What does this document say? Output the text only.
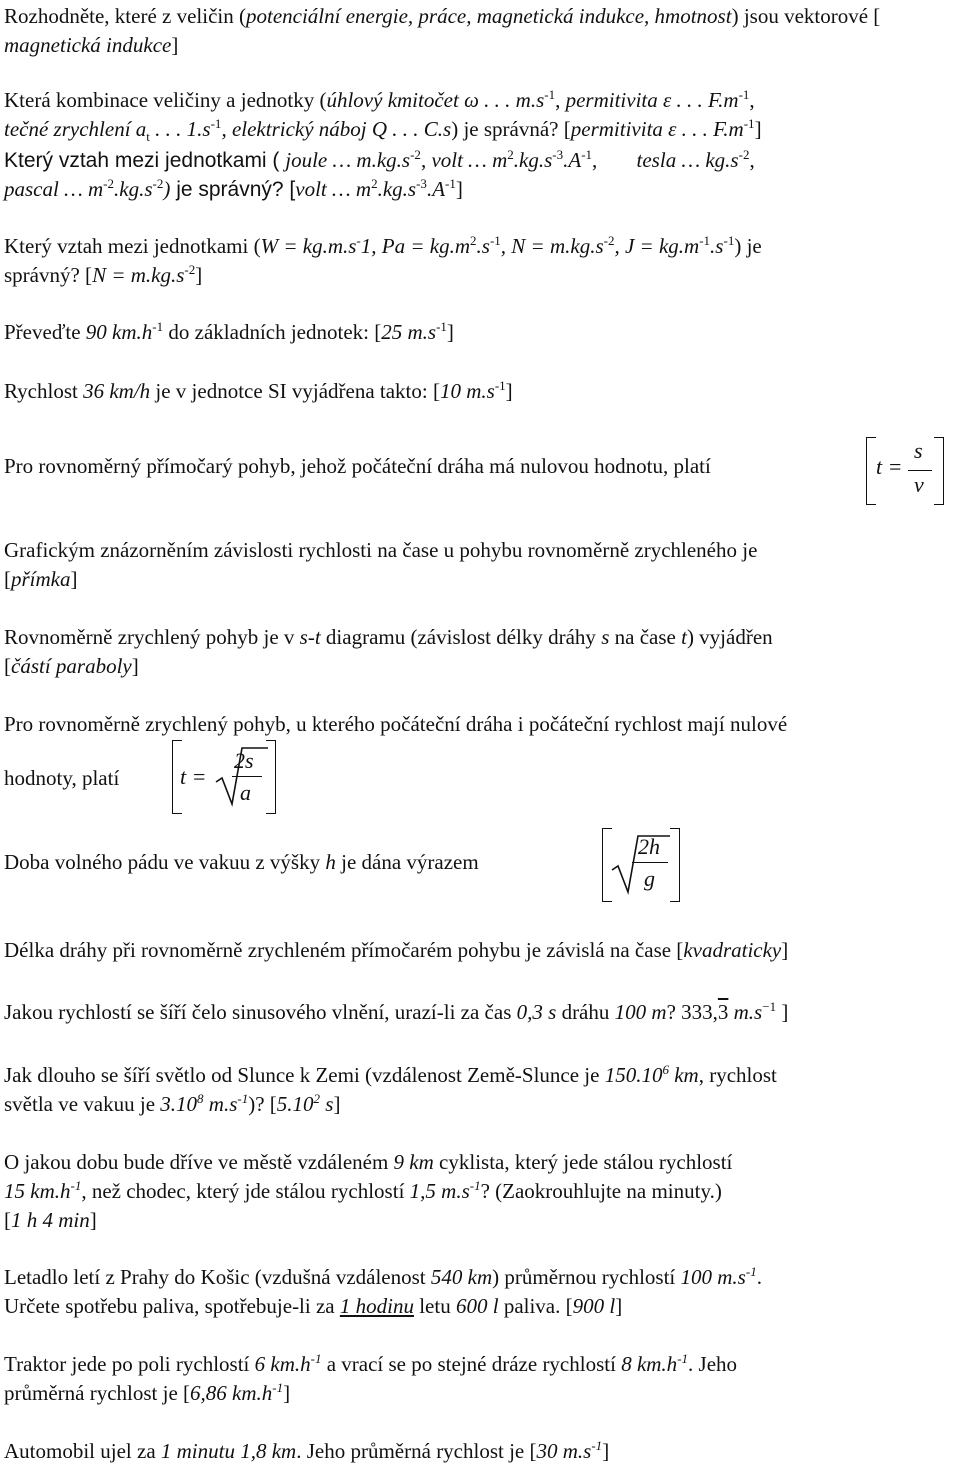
Rozhodněte, které z veličin (potenciální energie, práce, magnetická indukce, hmotnost) jsou vektorové [
magnetická indukce]
Která kombinace veličiny a jednotky (úhlový kmitočet ω . . . $m.s^{-1}$, permitivita ε . . . $F.m^{-1}$,
tečné zrychlení $a_t$ . . . $1.s^{-1}$, elektrický náboj Q . . . C.s) je správná? [permitivita ε . . . $F.m^{-1}$]
Který vztah mezi jednotkami ( joule … $m.kg.s^{-2}$, volt … $m^2.kg.s^{-3}.A^{-1}$, tesla … $kg.s^{-2}$,
pascal … $m^{-2}.kg.s^{-2}$) je správný? [volt … $m^2.kg.s^{-3}.A^{-1}$]
Který vztah mezi jednotkami (W = kg.m.s-1, $Pa = kg.m^2.s^{-1}$, $N = m.kg.s^{-2}$, $J = kg.m^{-1}.s^{-1}$) je
správný? $[N = m.kg.s^{-2}]$
Převeďte 90 $km.h^{-1}$ do základních jednotek: [25 $m.s^{-1}$]
Rychlost 36 km/h je v jednotce SI vyjádřena takto: [10 $m.s^{-1}$]
Pro rovnoměrný přímočarý pohyb, jehož počáteční dráha má nulovou hodnotu, platí	t =
s
v
Grafickým znázorněním závislosti rychlosti na čase u pohybu rovnoměrně zrychleného je
[přímka]
Rovnoměrně zrychlený pohyb je v s-t diagramu (závislost délky dráhy s na čase t) vyjádřen
[částí paraboly]
Pro rovnoměrně zrychlený pohyb, u kterého počáteční dráha i počáteční rychlost mají nulové
hodnoty, platí	t =
2s
a
Doba volného pádu ve vakuu z výšky h je dána výrazem
2h
g
Délka dráhy při rovnoměrně zrychleném přímočarém pohybu je závislá na čase [kvadraticky]
Jakou rychlostí se šíří čelo sinusového vlnění, urazí-li za čas 0,3 s dráhu 100 m? 333,3 $m.s^{-1}$ ]
Jak dlouho se šíří světlo od Slunce k Zemi (vzdálenost Země-Slunce je 150.10$^6$ km, rychlost
světla ve vakuu je 3.10$^8$ $m.s^{-1}$)? [5.10$^2$ s]
O jakou dobu bude dříve ve městě vzdáleném 9 km cyklista, který jede stálou rychlostí
15 $km.h^{-1}$, než chodec, který jde stálou rychlostí 1,5 $m.s^{-1}$? (Zaokrouhlujte na minuty.)
[1 h 4 min]
Letadlo letí z Prahy do Košic (vzdušná vzdálenost 540 km) průměrnou rychlostí 100 $m.s^{-1}$.
Určete spotřebu paliva, spotřebuje-li za 1 hodinu letu 600 l paliva. [900 l]
Traktor jede po poli rychlostí 6 $km.h^{-1}$ a vrací se po stejné dráze rychlostí 8 $km.h^{-1}$. Jeho
průměrná rychlost je [6,86 $km.h^{-1}$]
Automobil ujel za 1 minutu 1,8 km. Jeho průměrná rychlost je [30 $m.s^{-1}$]
